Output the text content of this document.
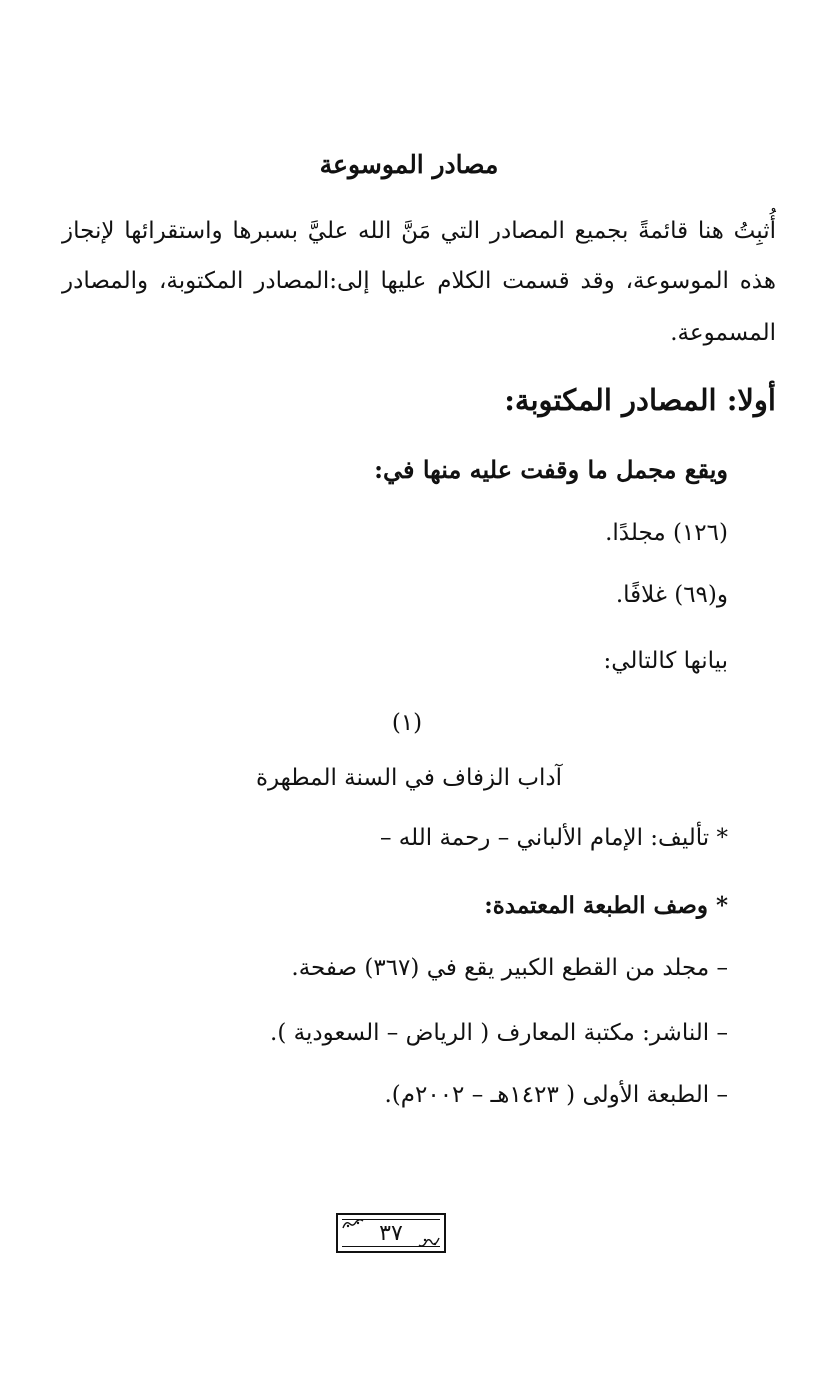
مصادر الموسوعة
أُثبِتُ هنا قائمةً بجميع المصادر التي مَنَّ الله عليَّ بسبرها واستقرائها لإنجاز
هذه الموسوعة، وقد قسمت الكلام عليها إلى:المصادر المكتوبة، والمصادر
المسموعة.
أولا: المصادر المكتوبة:
ويقع مجمل ما وقفت عليه منها في:
(١٢٦) مجلدًا.
و(٦٩) غلافًا.
بيانها كالتالي:
(١)
آداب الزفاف في السنة المطهرة
* تأليف: الإمام الألباني – رحمة الله –
* وصف الطبعة المعتمدة:
– مجلد من القطع الكبير يقع في (٣٦٧) صفحة.
– الناشر: مكتبة المعارف ( الرياض – السعودية ).
– الطبعة الأولى ( ١٤٢٣هـ – ٢٠٠٢م).
٣٧
